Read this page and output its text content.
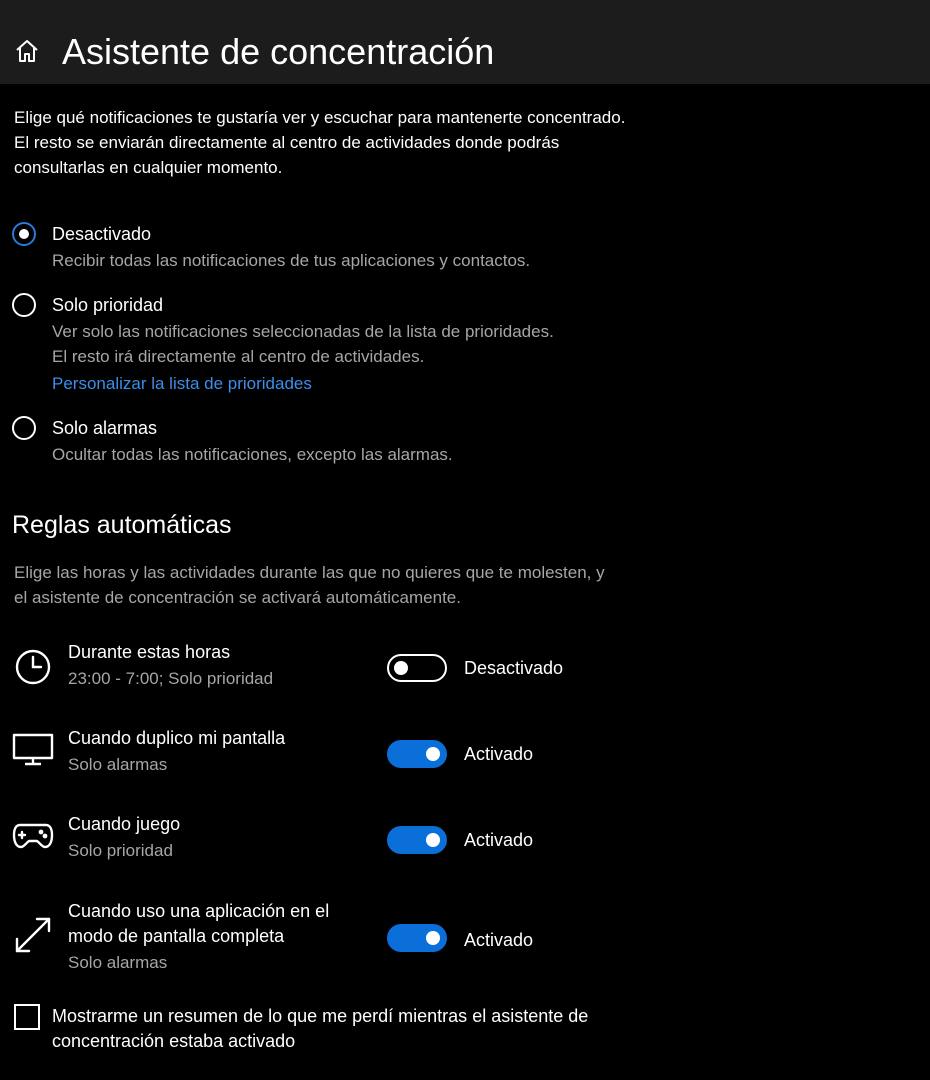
Asistente de concentración
Elige qué notificaciones te gustaría ver y escuchar para mantenerte concentrado. El resto se enviarán directamente al centro de actividades donde podrás consultarlas en cualquier momento.
Desactivado
Recibir todas las notificaciones de tus aplicaciones y contactos.
Solo prioridad
Ver solo las notificaciones seleccionadas de la lista de prioridades.
El resto irá directamente al centro de actividades.
Personalizar la lista de prioridades
Solo alarmas
Ocultar todas las notificaciones, excepto las alarmas.
Reglas automáticas
Elige las horas y las actividades durante las que no quieres que te molesten, y el asistente de concentración se activará automáticamente.
Durante estas horas
23:00 - 7:00; Solo prioridad
Desactivado
Cuando duplico mi pantalla
Solo alarmas
Activado
Cuando juego
Solo prioridad
Activado
Cuando uso una aplicación en el modo de pantalla completa
Solo alarmas
Activado
Mostrarme un resumen de lo que me perdí mientras el asistente de concentración estaba activado
